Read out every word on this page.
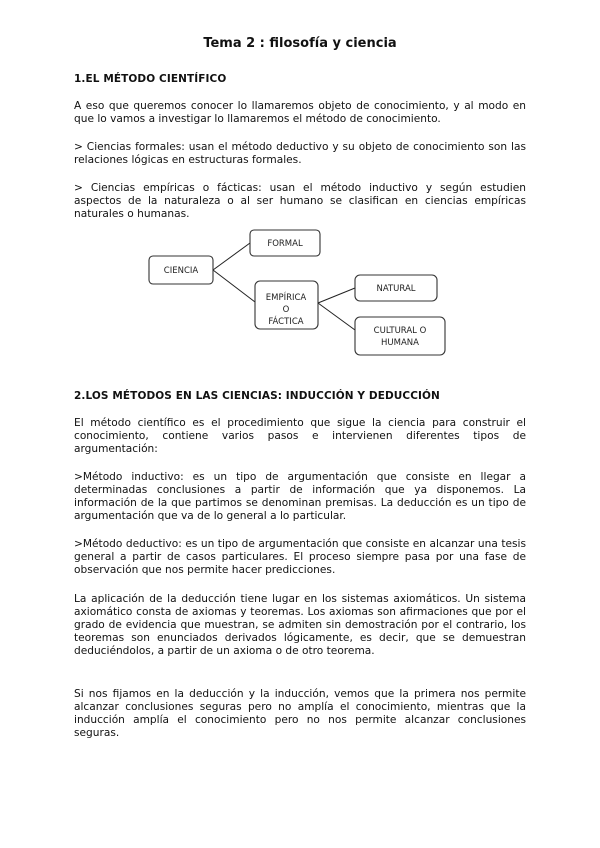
Tema 2 : filosofía y ciencia
1.EL MÉTODO CIENTÍFICO

A eso que queremos conocer lo llamaremos objeto de conocimiento, y al modo en que lo vamos a investigar lo llamaremos el método de conocimiento.

> Ciencias formales: usan el método deductivo y su objeto de conocimiento son las relaciones lógicas en estructuras formales.

> Ciencias empíricas o fácticas: usan el método inductivo y según estudien aspectos de la naturaleza o al ser humano se clasifican en ciencias empíricas naturales o humanas.

CIENCIA
FORMAL
EMPÍRICA
O
FÁCTICA
NATURAL
CULTURAL O
HUMANA
2.LOS MÉTODOS EN LAS CIENCIAS: INDUCCIÓN Y DEDUCCIÓN

El método científico es el procedimiento que sigue la ciencia para construir el conocimiento, contiene varios pasos e intervienen diferentes tipos de argumentación:

>Método inductivo: es un tipo de argumentación que consiste en llegar a determinadas conclusiones a partir de información que ya disponemos. La información de la que partimos se denominan premisas. La deducción es un tipo de argumentación que va de lo general a lo particular.

>Método deductivo: es un tipo de argumentación que consiste en alcanzar una tesis general a partir de casos particulares. El proceso siempre pasa por una fase de observación que nos permite hacer predicciones.

La aplicación de la deducción tiene lugar en los sistemas axiomáticos. Un sistema axiomático consta de axiomas y teoremas. Los axiomas son afirmaciones que por el grado de evidencia que muestran, se admiten sin demostración por el contrario, los teoremas son enunciados derivados lógicamente, es decir, que se demuestran deduciéndolos, a partir de un axioma o de otro teorema.

Si nos fijamos en la deducción y la inducción, vemos que la primera nos permite alcanzar conclusiones seguras pero no amplía el conocimiento, mientras que la inducción amplía el conocimiento pero no nos permite alcanzar conclusiones seguras.
